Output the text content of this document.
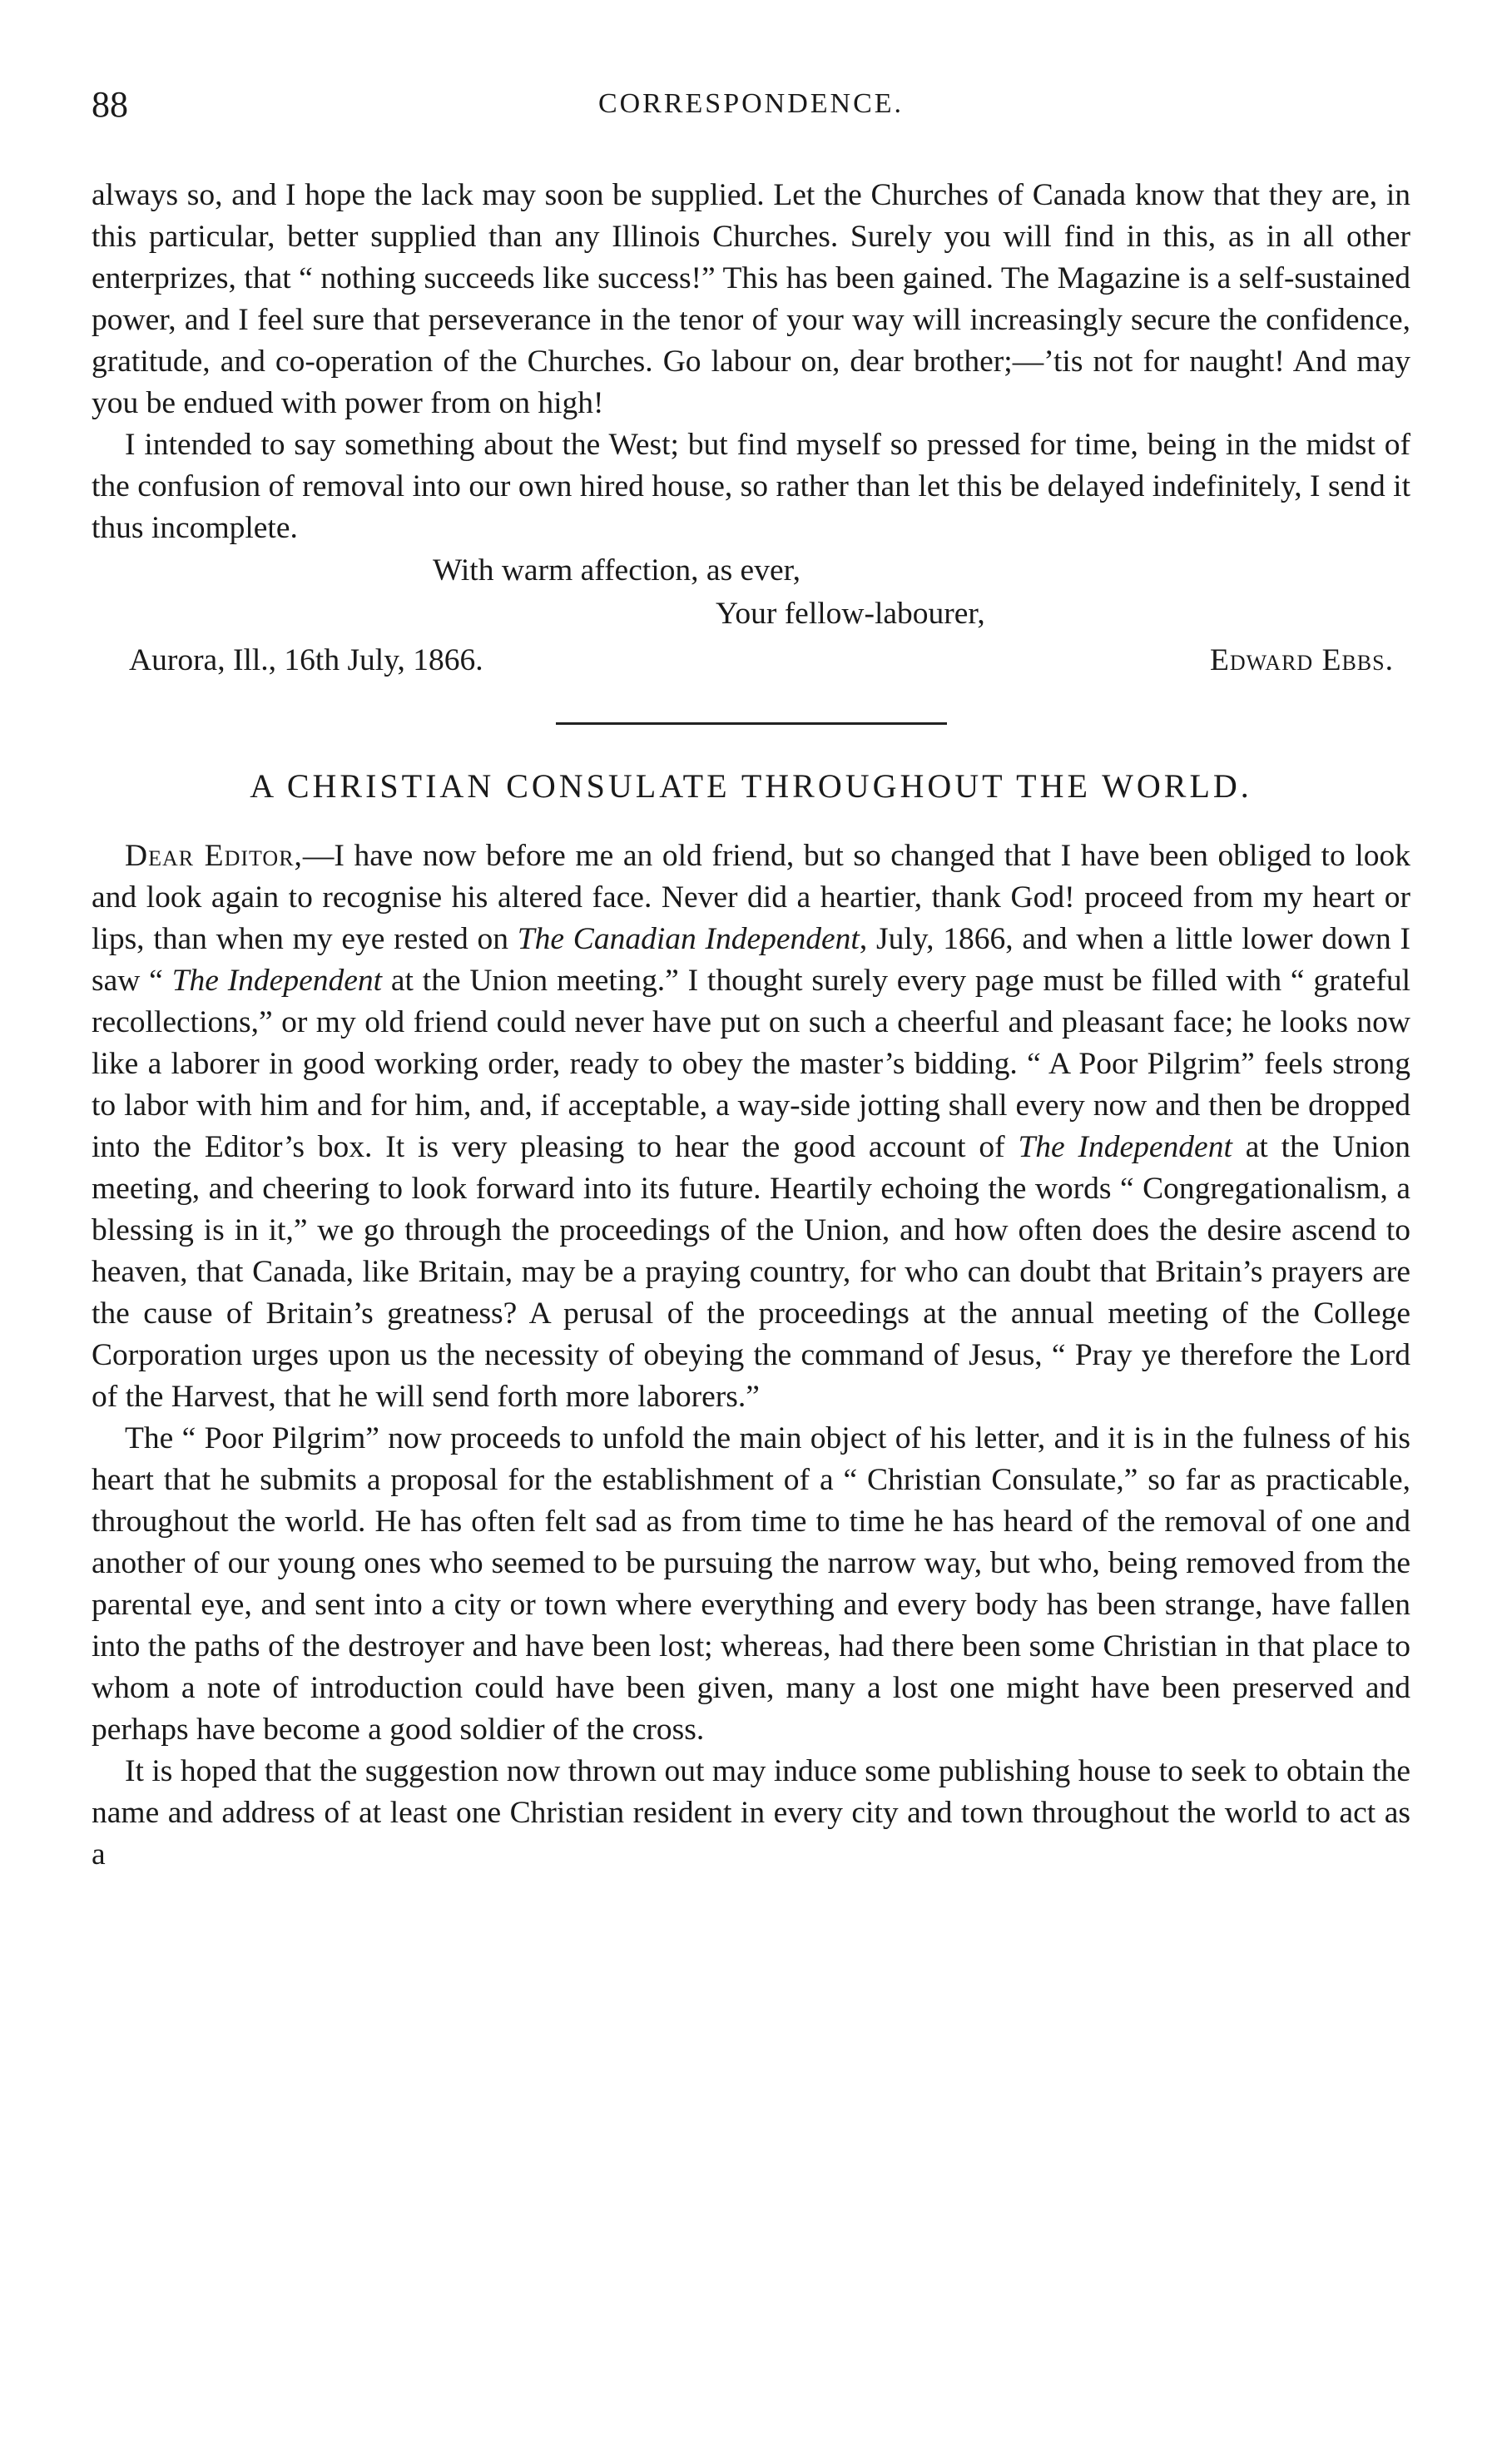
88	CORRESPONDENCE.

always so, and I hope the lack may soon be supplied. Let the Churches of Canada know that they are, in this particular, better supplied than any Illinois Churches. Surely you will find in this, as in all other enterprizes, that “ nothing succeeds like success!” This has been gained. The Magazine is a self-sustained power, and I feel sure that perseverance in the tenor of your way will increasingly secure the confidence, gratitude, and co-operation of the Churches. Go labour on, dear brother;—’tis not for naught! And may you be endued with power from on high!

I intended to say something about the West; but find myself so pressed for time, being in the midst of the confusion of removal into our own hired house, so rather than let this be delayed indefinitely, I send it thus incomplete.

With warm affection, as ever,
Your fellow-labourer,
Aurora, Ill., 16th July, 1866.	Edward Ebbs.
A CHRISTIAN CONSULATE THROUGHOUT THE WORLD.

Dear Editor,—I have now before me an old friend, but so changed that I have been obliged to look and look again to recognise his altered face. Never did a heartier, thank God! proceed from my heart or lips, than when my eye rested on The Canadian Independent, July, 1866, and when a little lower down I saw “ The Independent at the Union meeting.” I thought surely every page must be filled with “ grateful recollections,” or my old friend could never have put on such a cheerful and pleasant face; he looks now like a laborer in good working order, ready to obey the master’s bidding. “ A Poor Pilgrim” feels strong to labor with him and for him, and, if acceptable, a way-side jotting shall every now and then be dropped into the Editor’s box. It is very pleasing to hear the good account of The Independent at the Union meeting, and cheering to look forward into its future. Heartily echoing the words “ Congregationalism, a blessing is in it,” we go through the proceedings of the Union, and how often does the desire ascend to heaven, that Canada, like Britain, may be a praying country, for who can doubt that Britain’s prayers are the cause of Britain’s greatness? A perusal of the proceedings at the annual meeting of the College Corporation urges upon us the necessity of obeying the command of Jesus, “ Pray ye therefore the Lord of the Harvest, that he will send forth more laborers.”

The “ Poor Pilgrim” now proceeds to unfold the main object of his letter, and it is in the fulness of his heart that he submits a proposal for the establishment of a “ Christian Consulate,” so far as practicable, throughout the world. He has often felt sad as from time to time he has heard of the removal of one and another of our young ones who seemed to be pursuing the narrow way, but who, being removed from the parental eye, and sent into a city or town where everything and every body has been strange, have fallen into the paths of the destroyer and have been lost; whereas, had there been some Christian in that place to whom a note of introduction could have been given, many a lost one might have been preserved and perhaps have become a good soldier of the cross.

It is hoped that the suggestion now thrown out may induce some publishing house to seek to obtain the name and address of at least one Christian resident in every city and town throughout the world to act as a
